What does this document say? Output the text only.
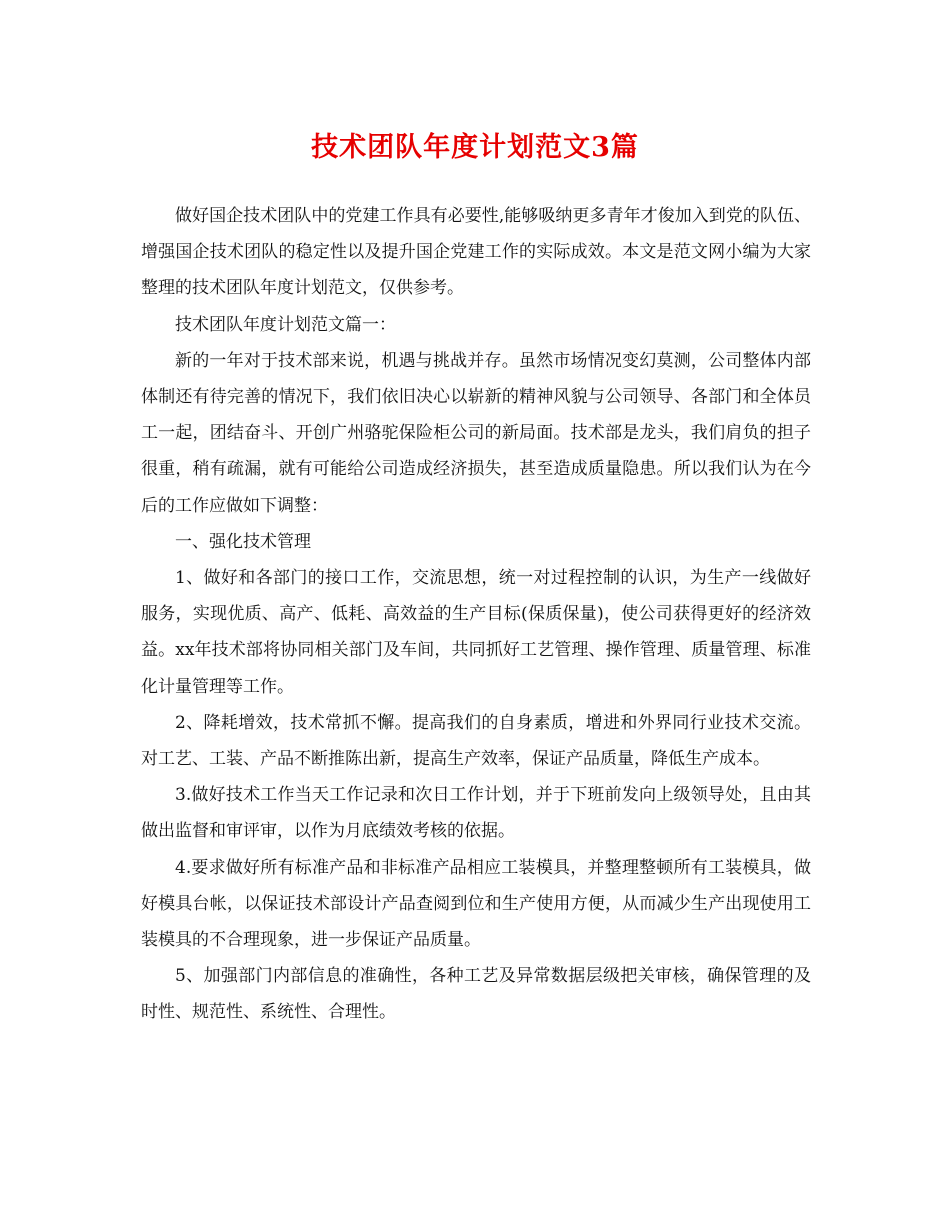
技术团队年度计划范文3篇

做好国企技术团队中的党建工作具有必要性,能够吸纳更多青年才俊加入到党的队伍、增强国企技术团队的稳定性以及提升国企党建工作的实际成效。本文是范文网小编为大家整理的技术团队年度计划范文，仅供参考。

技术团队年度计划范文篇一：

新的一年对于技术部来说，机遇与挑战并存。虽然市场情况变幻莫测，公司整体内部体制还有待完善的情况下，我们依旧决心以崭新的精神风貌与公司领导、各部门和全体员工一起，团结奋斗、开创广州骆驼保险柜公司的新局面。技术部是龙头，我们肩负的担子很重，稍有疏漏，就有可能给公司造成经济损失，甚至造成质量隐患。所以我们认为在今后的工作应做如下调整：

一、强化技术管理

1、做好和各部门的接口工作，交流思想，统一对过程控制的认识，为生产一线做好服务，实现优质、高产、低耗、高效益的生产目标(保质保量)，使公司获得更好的经济效益。xx年技术部将协同相关部门及车间，共同抓好工艺管理、操作管理、质量管理、标准化计量管理等工作。

2、降耗增效，技术常抓不懈。提高我们的自身素质，增进和外界同行业技术交流。对工艺、工装、产品不断推陈出新，提高生产效率，保证产品质量，降低生产成本。

3.做好技术工作当天工作记录和次日工作计划，并于下班前发向上级领导处，且由其做出监督和审评审，以作为月底绩效考核的依据。

4.要求做好所有标准产品和非标准产品相应工装模具，并整理整顿所有工装模具，做好模具台帐，以保证技术部设计产品查阅到位和生产使用方便，从而减少生产出现使用工装模具的不合理现象，进一步保证产品质量。

5、加强部门内部信息的准确性，各种工艺及异常数据层级把关审核，确保管理的及时性、规范性、系统性、合理性。
